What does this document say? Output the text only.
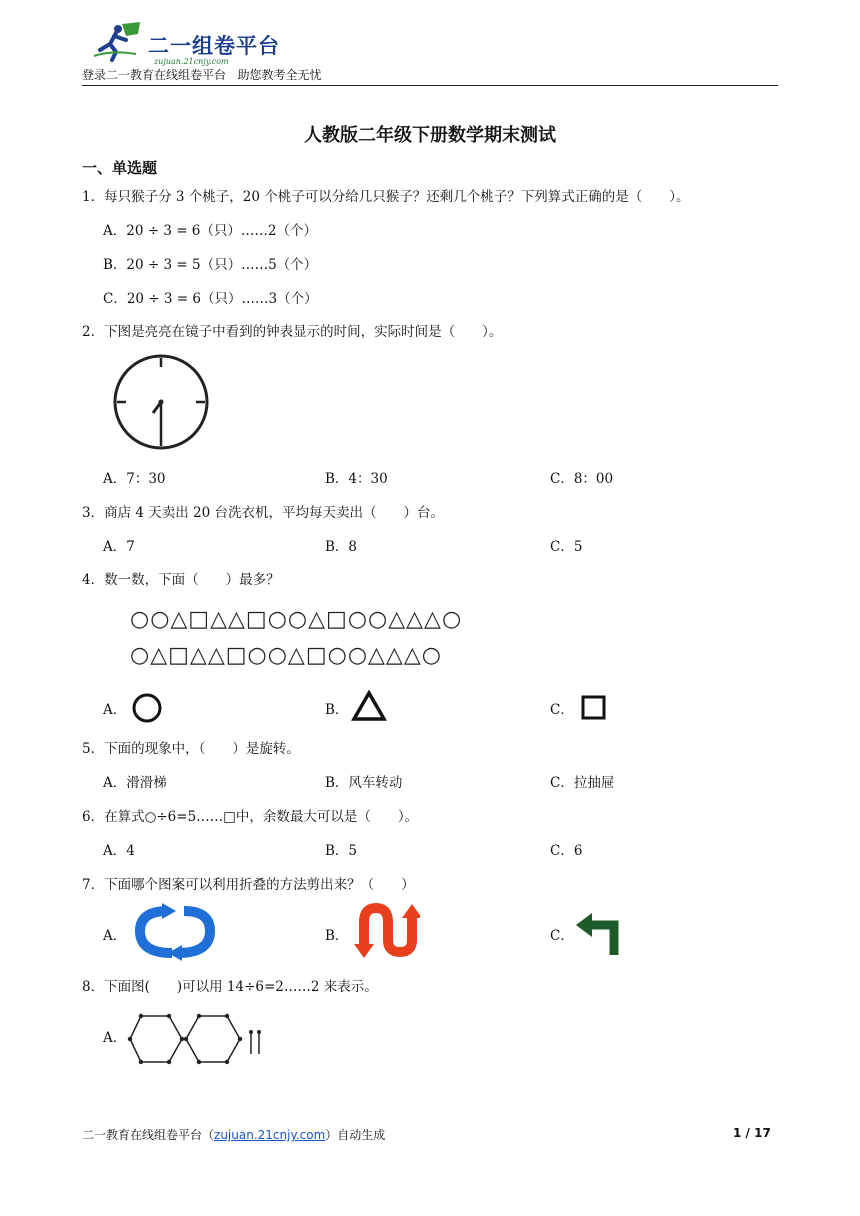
二一组卷平台
zujuan.21cnjy.com
登录二一教育在线组卷平台   助您教考全无忧
人教版二年级下册数学期末测试
一、单选题
1．每只猴子分 3 个桃子，20 个桃子可以分给几只猴子？还剩几个桃子？下列算式正确的是（　　）。
A．20 ÷ 3 = 6（只）……2（个）
B．20 ÷ 3 = 5（只）……5（个）
C．20 ÷ 3 = 6（只）……3（个）
2．下图是亮亮在镜子中看到的钟表显示的时间，实际时间是（　　）。
A．7：30	B．4：30	C．8：00
3．商店 4 天卖出 20 台洗衣机，平均每天卖出（　　）台。
A．7	B．8	C．5
4．数一数，下面（　　）最多？
○○△□△△□○○△□○○△△△○
○△□△△□○○△□○○△△△○
A．	B．	C．
5．下面的现象中，（　　）是旋转。
A．滑滑梯	B．风车转动	C．拉抽屉
6．在算式○÷6=5……□中，余数最大可以是（　　）。
A．4	B．5	C．6
7．下面哪个图案可以利用折叠的方法剪出来？（　　）
A．	B．	C．
8．下面图(　　)可以用 14÷6=2……2 来表示。
A．
二一教育在线组卷平台（zujuan.21cnjy.com）自动生成	1 / 17
